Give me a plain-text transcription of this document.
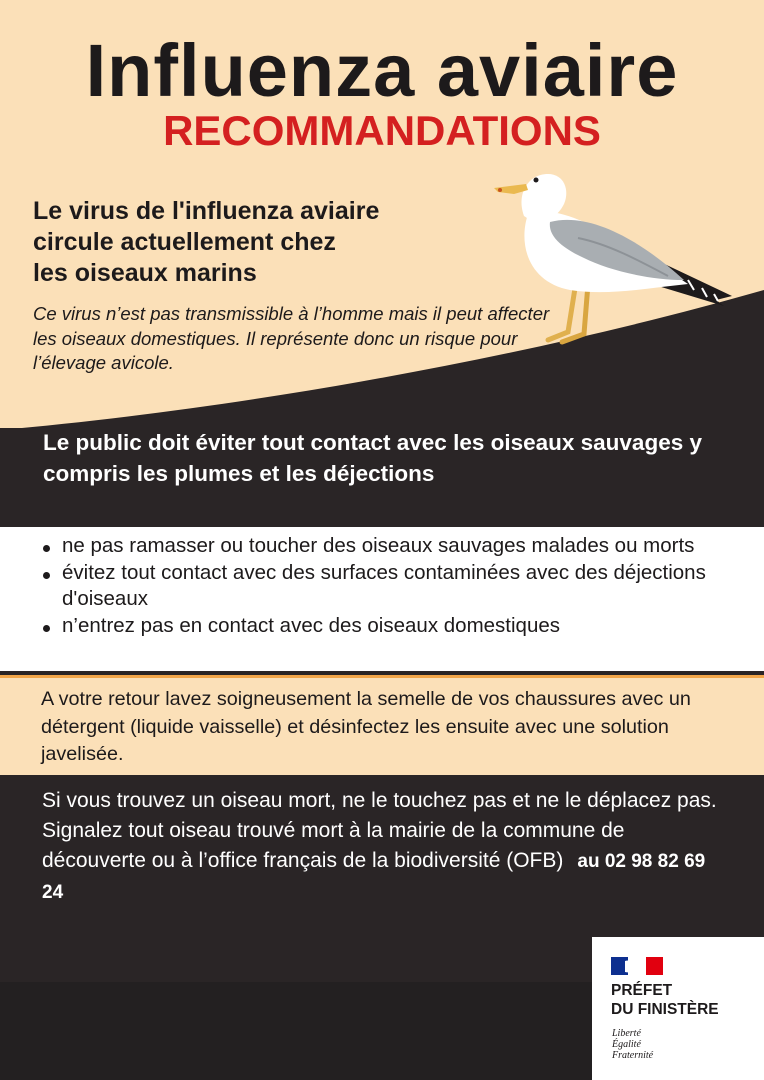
Influenza aviaire
RECOMMANDATIONS

Le virus de l'influenza aviaire
circule actuellement chez
les oiseaux marins

Ce virus n’est pas transmissible à l’homme mais il peut affecter les oiseaux domestiques. Il représente donc un risque pour l’élevage avicole.

Le public doit éviter tout contact avec les oiseaux sauvages y compris les plumes et les déjections

ne pas ramasser ou toucher des oiseaux sauvages malades ou morts
évitez tout contact avec des surfaces contaminées avec des déjections d'oiseaux
n’entrez pas en contact avec des oiseaux domestiques

A votre retour lavez soigneusement la semelle de vos chaussures avec un détergent (liquide vaisselle) et désinfectez les ensuite avec une solution javelisée.

Si vous trouvez un oiseau mort, ne le touchez pas et ne le déplacez pas.
Signalez tout oiseau trouvé mort à la mairie de la commune de découverte ou à l’office français de la biodiversité (OFB) au 02 98 82 69 24

PRÉFET
DU FINISTÈRE

Liberté
Égalité
Fraternité
